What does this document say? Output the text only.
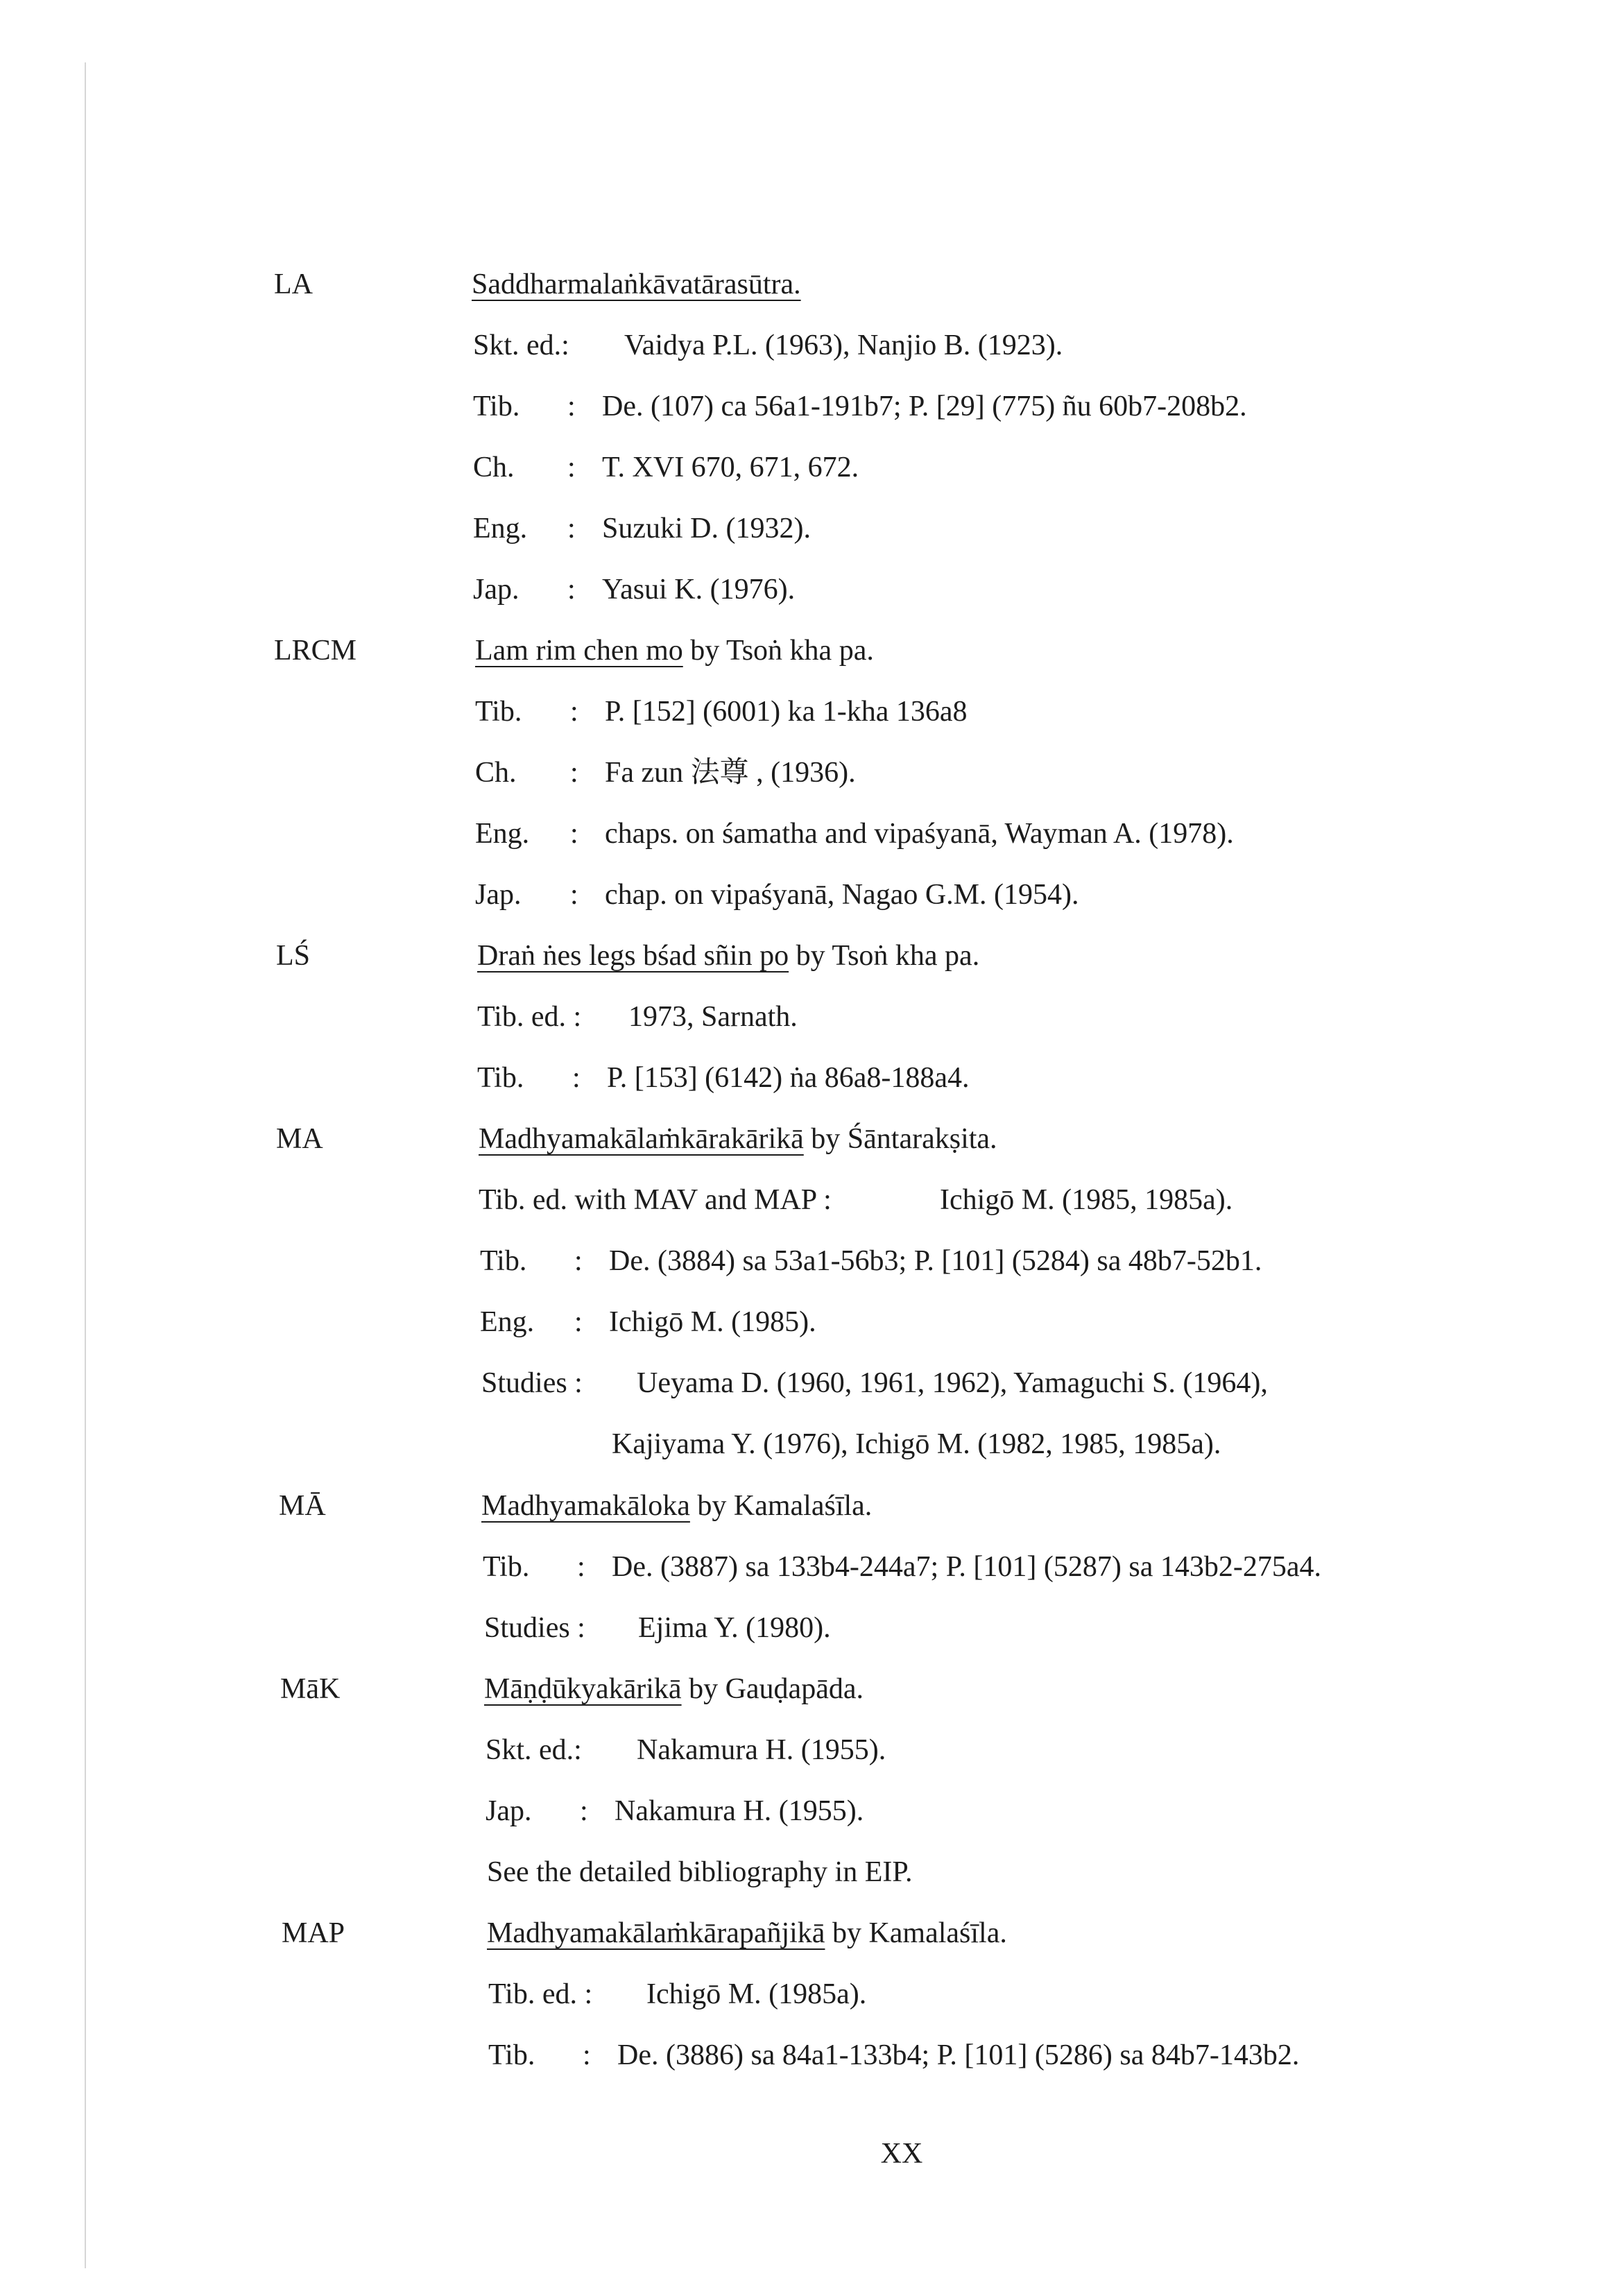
LA	Saddharmalaṅkāvatārasūtra.
Skt. ed.: Vaidya P.L. (1963), Nanjio B. (1923).
Tib. : De. (107) ca 56a1-191b7; P. [29] (775) ñu 60b7-208b2.
Ch. : T. XVI 670, 671, 672.
Eng. : Suzuki D. (1932).
Jap. : Yasui K. (1976).
LRCM	Lam rim chen mo by Tsoṅ kha pa.
Tib. : P. [152] (6001) ka 1-kha 136a8
Ch. : Fa zun 法尊 , (1936).
Eng. : chaps. on śamatha and vipaśyanā, Wayman A. (1978).
Jap. : chap. on vipaśyanā, Nagao G.M. (1954).
LŚ	Draṅ ṅes legs bśad sñin po by Tsoṅ kha pa.
Tib. ed. : 1973, Sarnath.
Tib. : P. [153] (6142) ṅa 86a8-188a4.
MA	Madhyamakālaṁkārakārikā by Śāntarakṣita.
Tib. ed. with MAV and MAP :	Ichigō M. (1985, 1985a).
Tib. : De. (3884) sa 53a1-56b3; P. [101] (5284) sa 48b7-52b1.
Eng. : Ichigō M. (1985).
Studies : Ueyama D. (1960, 1961, 1962), Yamaguchi S. (1964),
Kajiyama Y. (1976), Ichigō M. (1982, 1985, 1985a).
MĀ	Madhyamakāloka by Kamalaśīla.
Tib. : De. (3887) sa 133b4-244a7; P. [101] (5287) sa 143b2-275a4.
Studies : Ejima Y. (1980).
MāK	Māṇḍūkyakārikā by Gauḍapāda.
Skt. ed.: Nakamura H. (1955).
Jap. : Nakamura H. (1955).
See the detailed bibliography in EIP.
MAP	Madhyamakālaṁkārapañjikā by Kamalaśīla.
Tib. ed. : Ichigō M. (1985a).
Tib. : De. (3886) sa 84a1-133b4; P. [101] (5286) sa 84b7-143b2.
XX
